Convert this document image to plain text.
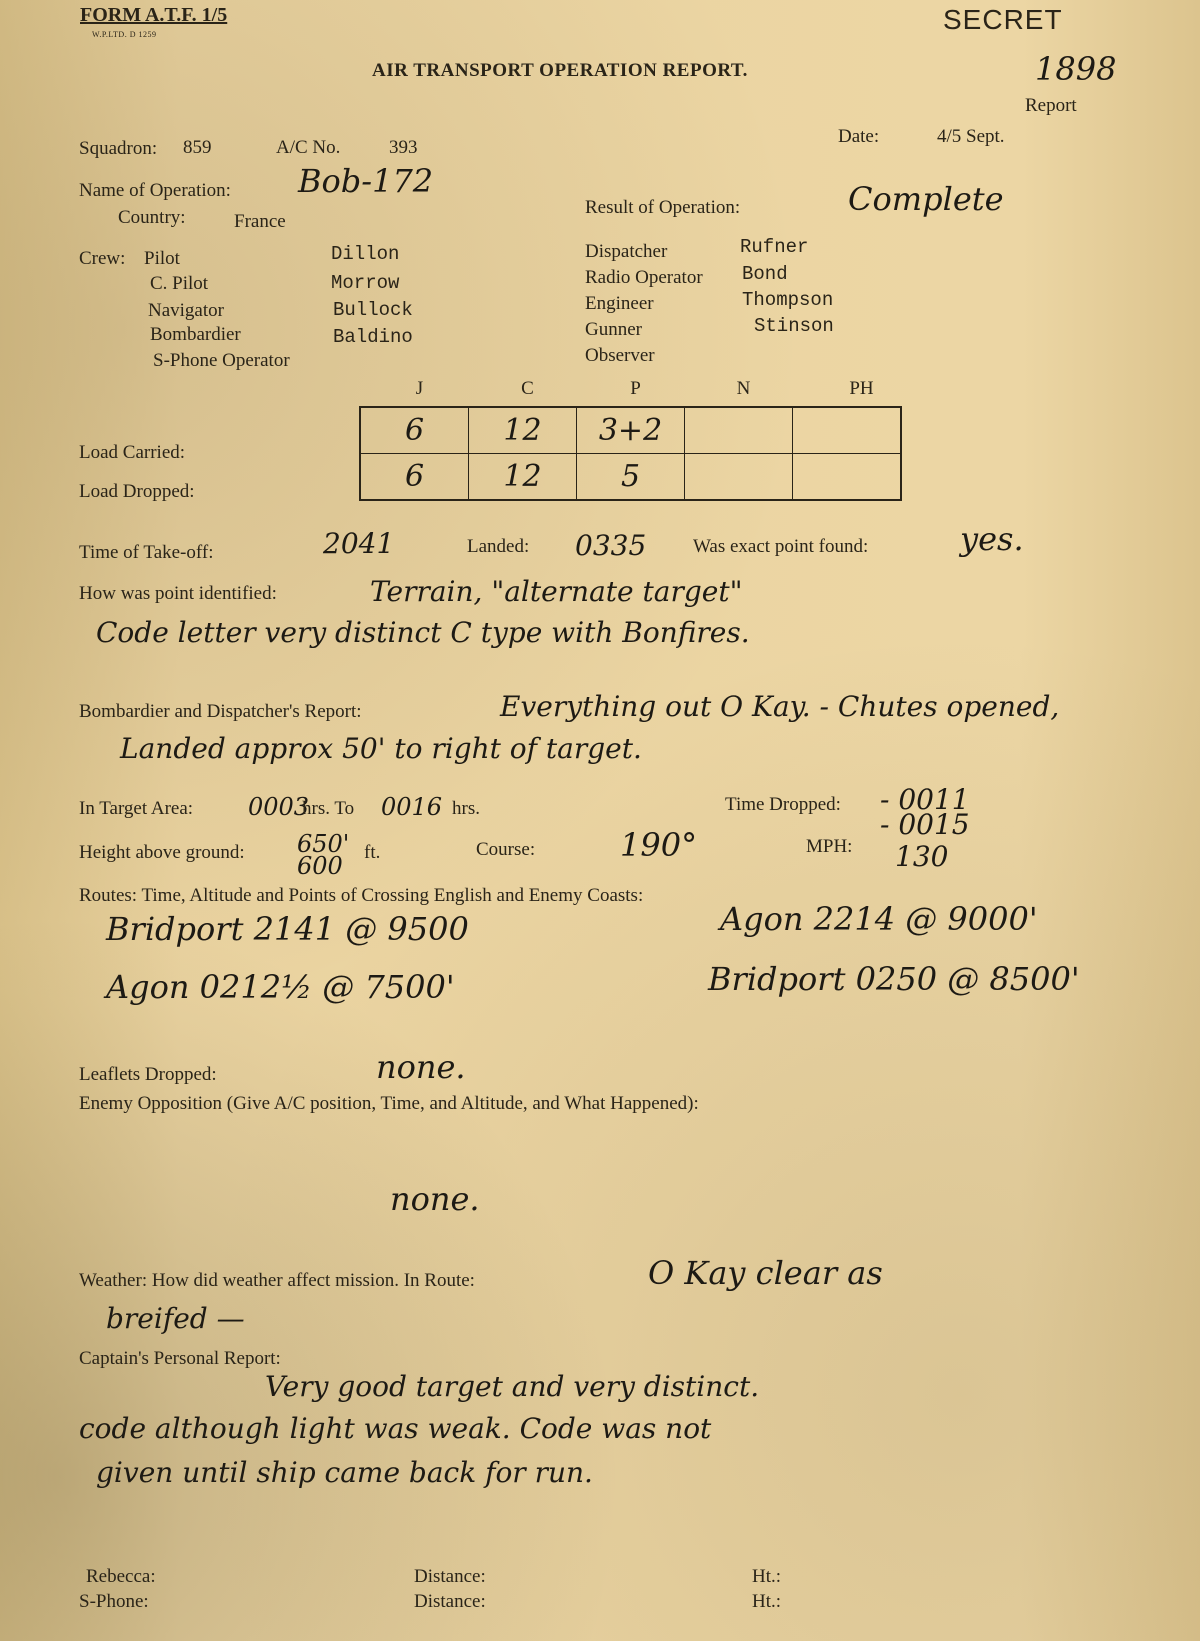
FORM A.T.F. 1/5
W.P.LTD. D 1259	SECRET
AIR TRANSPORT OPERATION REPORT.	1898
Report
Squadron: 859	A/C No.	393
Date:	4/5 Sept.
Name of Operation: Bob-172
Country:	France
Result of Operation:	Complete
Crew: Pilot	Dillon
C. Pilot	Morrow
Navigator	Bullock
Bombardier	Baldino
S-Phone Operator
Dispatcher	Rufner
Radio Operator Bond
Engineer	Thompson
Gunner	Stinson
Observer
J	C	P	N	PH
Load Carried:
Load Dropped:
6	12	3+2		
6	12	5		
Time of Take-off:	2041	Landed: 0335 Was exact point found:	yes.
How was point identified:	Terrain, "alternate target"
Code letter very distinct C type with Bonfires.
Bombardier and Dispatcher's Report:	Everything out O Kay. - Chutes opened,
Landed approx 50' to right of target.
In Target Area: 0003
hrs. To 0016 hrs.	Time Dropped: - 0011
- 0015
Height above ground: 650'
600 ft.	Course:	190°	MPH: 130
Routes: Time, Altitude and Points of Crossing English and Enemy Coasts:
Bridport 2141 @ 9500	Agon 2214 @ 9000'
Agon 0212½ @ 7500'	Bridport 0250 @ 8500'
Leaflets Dropped:	none.
Enemy Opposition (Give A/C position, Time, and Altitude, and What Happened):
none.
Weather: How did weather affect mission. In Route:	O Kay clear as
breifed —
Captain's Personal Report:
Very good target and very distinct.
code although light was weak. Code was not
given until ship came back for run.
Rebecca:	Distance:	Ht.:
S-Phone:	Distance:	Ht.:
